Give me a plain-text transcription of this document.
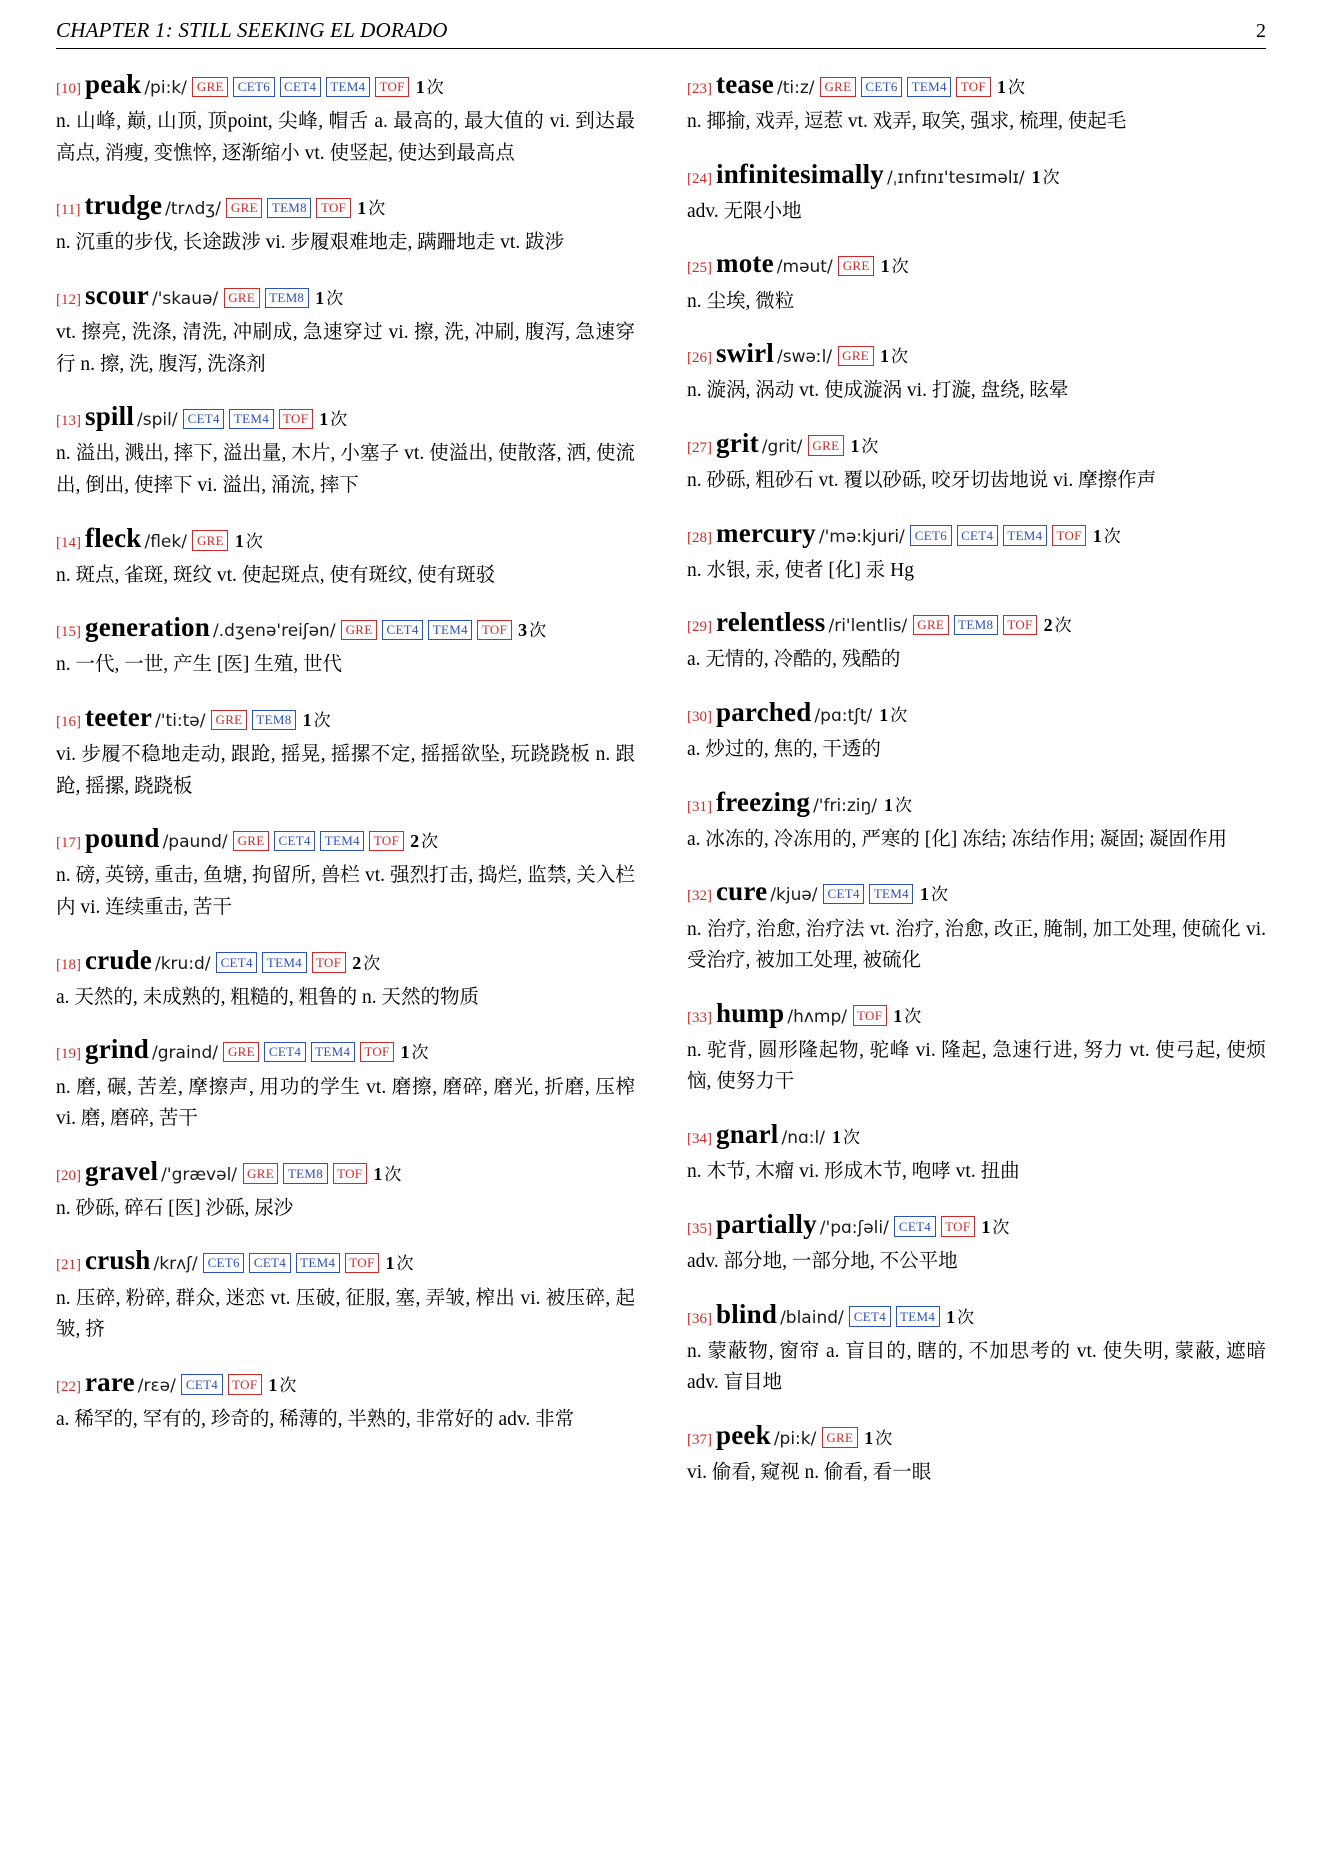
CHAPTER 1: STILL SEEKING EL DORADO	2
[10] peak /pi:k/ GRE CET6 CET4 TEM4 TOF 1 次
n. 山峰, 巅, 山顶, 顶point, 尖峰, 帽舌 a. 最高的, 最大值的 vi. 到达最高点, 消瘦, 变憔悴, 逐渐缩小 vt. 使竖起, 使达到最高点
[11] trudge /trʌdʒ/ GRE TEM8 TOF 1 次
n. 沉重的步伐, 长途跋涉 vi. 步履艰难地走, 蹒跚地走 vt. 跋涉
[12] scour /'skauə/ GRE TEM8 1 次
vt. 擦亮, 洗涤, 清洗, 冲刷成, 急速穿过 vi. 擦, 洗, 冲刷, 腹泻, 急速穿行 n. 擦, 洗, 腹泻, 洗涤剂
[13] spill /spil/ CET4 TEM4 TOF 1 次
n. 溢出, 溅出, 摔下, 溢出量, 木片, 小塞子 vt. 使溢出, 使散落, 洒, 使流出, 倒出, 使摔下 vi. 溢出, 涌流, 摔下
[14] fleck /flek/ GRE 1 次
n. 斑点, 雀斑, 斑纹 vt. 使起斑点, 使有斑纹, 使有斑驳
[15] generation /.dʒenə'reiʃən/ GRE CET4 TEM4 TOF 3 次
n. 一代, 一世, 产生 [医] 生殖, 世代
[16] teeter /'ti:tə/ GRE TEM8 1 次
vi. 步履不稳地走动, 跟跄, 摇晃, 摇摞不定, 摇摇欲坠, 玩跷跷板 n. 跟跄, 摇摞, 跷跷板
[17] pound /paund/ GRE CET4 TEM4 TOF 2 次
n. 磅, 英镑, 重击, 鱼塘, 拘留所, 兽栏 vt. 强烈打击, 捣烂, 监禁, 关入栏内 vi. 连续重击, 苦干
[18] crude /kru:d/ CET4 TEM4 TOF 2 次
a. 天然的, 未成熟的, 粗糙的, 粗鲁的 n. 天然的物质
[19] grind /graind/ GRE CET4 TEM4 TOF 1 次
n. 磨, 碾, 苦差, 摩擦声, 用功的学生 vt. 磨擦, 磨碎, 磨光, 折磨, 压榨 vi. 磨, 磨碎, 苦干
[20] gravel /'grævəl/ GRE TEM8 TOF 1 次
n. 砂砾, 碎石 [医] 沙砾, 尿沙
[21] crush /krʌʃ/ CET6 CET4 TEM4 TOF 1 次
n. 压碎, 粉碎, 群众, 迷恋 vt. 压破, 征服, 塞, 弄皱, 榨出 vi. 被压碎, 起皱, 挤
[22] rare /rɛə/ CET4 TOF 1 次
a. 稀罕的, 罕有的, 珍奇的, 稀薄的, 半熟的, 非常好的 adv. 非常
[23] tease /ti:z/ GRE CET6 TEM4 TOF 1 次
n. 揶揄, 戏弄, 逗惹 vt. 戏弄, 取笑, 强求, 梳理, 使起毛
[24] infinitesimally /ˌɪnfɪnɪ'tesɪməlɪ/ 1 次
adv. 无限小地
[25] mote /məut/ GRE 1 次
n. 尘埃, 微粒
[26] swirl /swəːl/ GRE 1 次
n. 漩涡, 涡动 vt. 使成漩涡 vi. 打漩, 盘绕, 眩晕
[27] grit /grit/ GRE 1 次
n. 砂砾, 粗砂石 vt. 覆以砂砾, 咬牙切齿地说 vi. 摩擦作声
[28] mercury /'mə:kjuri/ CET6 CET4 TEM4 TOF 1 次
n. 水银, 汞, 使者 [化] 汞 Hg
[29] relentless /ri'lentlis/ GRE TEM8 TOF 2 次
a. 无情的, 冷酷的, 残酷的
[30] parched /pɑ:tʃt/ 1 次
a. 炒过的, 焦的, 干透的
[31] freezing /'fri:ziŋ/ 1 次
a. 冰冻的, 冷冻用的, 严寒的 [化] 冻结; 冻结作用; 凝固; 凝固作用
[32] cure /kjuə/ CET4 TEM4 1 次
n. 治疗, 治愈, 治疗法 vt. 治疗, 治愈, 改正, 腌制, 加工处理, 使硫化 vi. 受治疗, 被加工处理, 被硫化
[33] hump /hʌmp/ TOF 1 次
n. 驼背, 圆形隆起物, 驼峰 vi. 隆起, 急速行进, 努力 vt. 使弓起, 使烦恼, 使努力干
[34] gnarl /nɑ:l/ 1 次
n. 木节, 木瘤 vi. 形成木节, 咆哮 vt. 扭曲
[35] partially /'pɑ:ʃəli/ CET4 TOF 1 次
adv. 部分地, 一部分地, 不公平地
[36] blind /blaind/ CET4 TEM4 1 次
n. 蒙蔽物, 窗帘 a. 盲目的, 瞎的, 不加思考的 vt. 使失明, 蒙蔽, 遮暗 adv. 盲目地
[37] peek /pi:k/ GRE 1 次
vi. 偷看, 窥视 n. 偷看, 看一眼
